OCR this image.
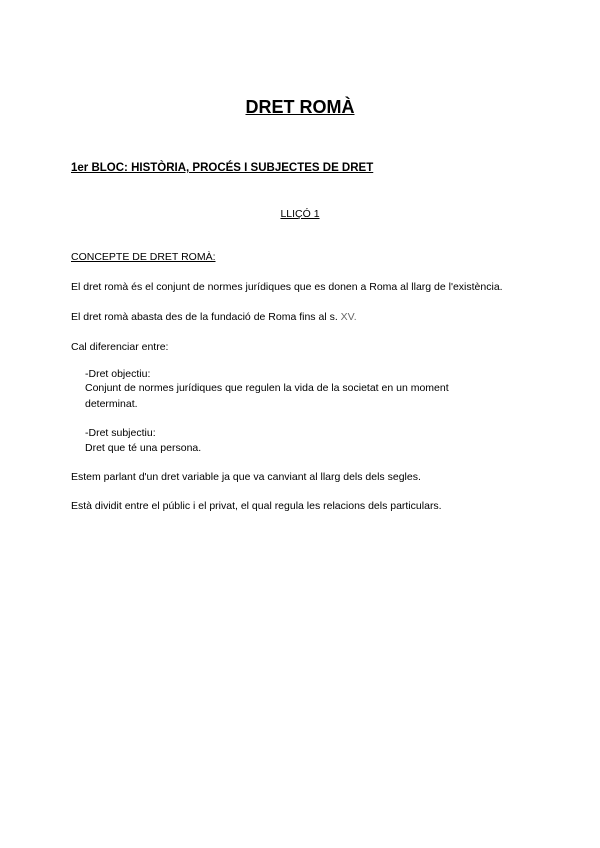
DRET ROMÀ
1er BLOC: HISTÒRIA, PROCÉS I SUBJECTES DE DRET
LLIÇÓ 1
CONCEPTE DE DRET ROMÀ:
El dret romà és el conjunt de normes jurídiques que es donen a Roma al llarg de l'existència.
El dret romà abasta des de la fundació de Roma fins al s. XV.
Cal diferenciar entre:
-Dret objectiu:
Conjunt de normes jurídiques que regulen la vida de la societat en un moment
determinat.
-Dret subjectiu:
Dret que té una persona.
Estem parlant d'un dret variable ja que va canviant al llarg dels dels segles.
Està dividit entre el públic i el privat, el qual regula les relacions dels particulars.
